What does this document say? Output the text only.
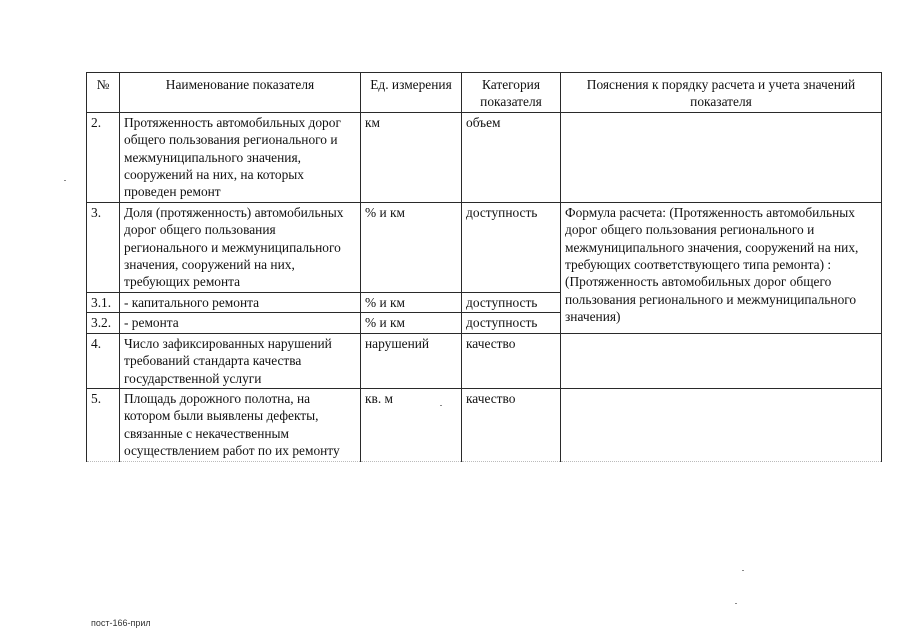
№	Наименование показателя	Ед. измерения	Категория показателя	Пояснения к порядку расчета и учета значений показателя
2.	Протяженность автомобильных дорог общего пользования регионального и межмуниципального значения, сооружений на них, на которых проведен ремонт	км	объем	
3.	Доля (протяженность) автомобильных дорог общего пользования регионального и межмуниципального значения, сооружений на них, требующих ремонта	% и км	доступность	Формула расчета: (Протяженность автомобильных дорог общего пользования регионального и межмуниципального значения, сооружений на них, требующих соответствующего типа ремонта) : (Протяженность автомобильных дорог общего пользования регионального и межмуниципального значения)
3.1.	- капитального ремонта	% и км	доступность	
3.2.	- ремонта	% и км	доступность	
4.	Число зафиксированных нарушений требований стандарта качества государственной услуги	нарушений	качество	
5.	Площадь дорожного полотна, на котором были выявлены дефекты, связанные с некачественным осуществлением работ по их ремонту	кв. м	качество	
пост-166-прил
